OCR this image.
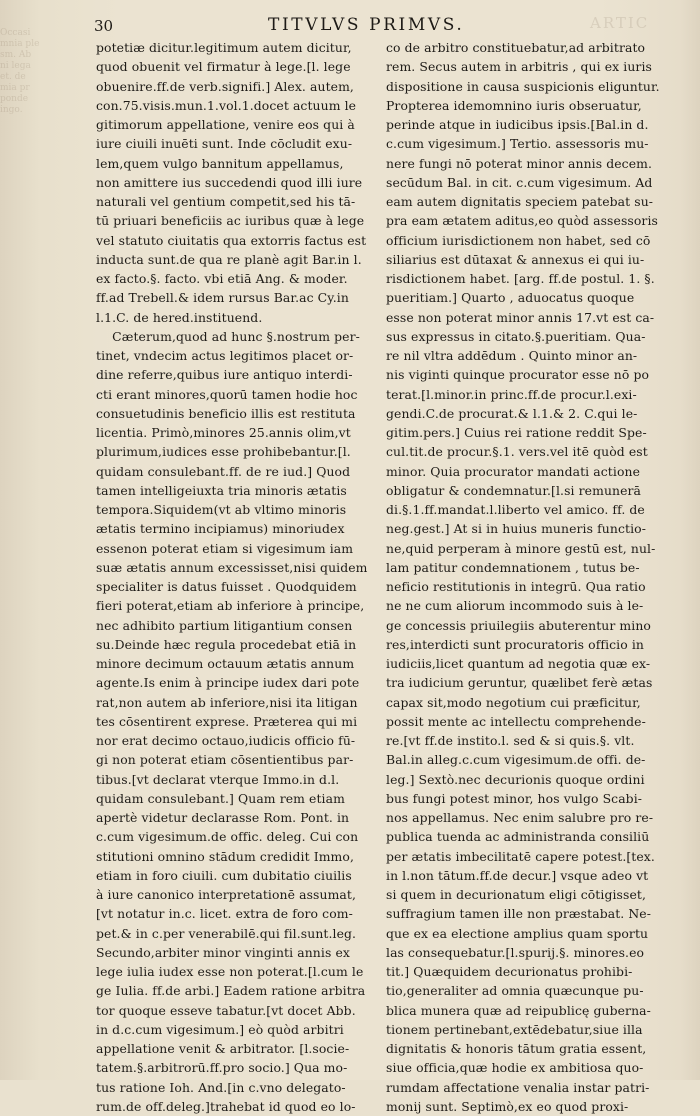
Occasi
mnia ple
sm. Ab
ni lega
et. de
mia pr
ponde
ingo.
ARTIC
30	TITVLVS PRIMVS.
potetiæ dicitur.legitimum autem dicitur,
quod obuenit vel firmatur à lege.[l. lege
obuenire.ff.de verb.signifi.] Alex. autem,
con.75.visis.mun.1.vol.1.docet actuum le
gitimorum appellatione, venire eos qui à
iure ciuili inuēti sunt. Inde cōcludit exu-
lem,quem vulgo bannitum appellamus,
non amittere ius succedendi quod illi iure
naturali vel gentium competit,sed his tā-
tū priuari beneficiis ac iuribus quæ à lege
vel statuto ciuitatis qua extorris factus est
inducta sunt.de qua re planè agit Bar.in l.
ex facto.§. facto. vbi etiā Ang. & moder.
ff.ad Trebell.& idem rursus Bar.ac Cy.in
l.1.C. de hered.instituend.
Cæterum,quod ad hunc §.nostrum per-
tinet, vndecim actus legitimos placet or-
dine referre,quibus iure antiquo interdi-
cti erant minores,quorū tamen hodie hoc
consuetudinis beneficio illis est restituta
licentia. Primò,minores 25.annis olim,vt
plurimum,iudices esse prohibebantur.[l.
quidam consulebant.ff. de re iud.] Quod
tamen intelligeiuxta tria minoris ætatis
tempora.Siquidem(vt ab vltimo minoris
ætatis termino incipiamus) minoriudex
essenon poterat etiam si vigesimum iam
suæ ætatis annum excessisset,nisi quidem
specialiter is datus fuisset . Quodquidem
fieri poterat,etiam ab inferiore à principe,
nec adhibito partium litigantium consen
su.Deinde hæc regula procedebat etiā in
minore decimum octauum ætatis annum
agente.Is enim à principe iudex dari pote
rat,non autem ab inferiore,nisi ita litigan
tes cōsentirent exprese. Præterea qui mi
nor erat decimo octauo,iudicis officio fū-
gi non poterat etiam cōsentientibus par-
tibus.[vt declarat vterque Immo.in d.l.
quidam consulebant.] Quam rem etiam
apertè videtur declarasse Rom. Pont. in
c.cum vigesimum.de offic. deleg. Cui con
stitutioni omnino stādum credidit Immo,
etiam in foro ciuili. cum dubitatio ciuilis
à iure canonico interpretationē assumat,
[vt notatur in.c. licet. extra de foro com-
pet.& in c.per venerabilē.qui fil.sunt.leg.
Secundo,arbiter minor vinginti annis ex
lege iulia iudex esse non poterat.[l.cum le
ge Iulia. ff.de arbi.] Eadem ratione arbitra
tor quoque esseve tabatur.[vt docet Abb.
in d.c.cum vigesimum.] eò quòd arbitri
appellatione venit & arbitrator. [l.socie-
tatem.§.arbitrorū.ff.pro socio.] Qua mo-
tus ratione Ioh. And.[in c.vno delegato-
rum.de off.deleg.]trahebat id quod eo lo-
co de arbitro constituebatur,ad arbitrato
rem. Secus autem in arbitris , qui ex iuris
dispositione in causa suspicionis eliguntur.
Propterea idemomnino iuris obseruatur,
perinde atque in iudicibus ipsis.[Bal.in d.
c.cum vigesimum.] Tertio. assessoris mu-
nere fungi nō poterat minor annis decem.
secūdum Bal. in cit. c.cum vigesimum. Ad
eam autem dignitatis speciem patebat su-
pra eam ætatem aditus,eo quòd assessoris
officium iurisdictionem non habet, sed cō
siliarius est dūtaxat & annexus ei qui iu-
risdictionem habet. [arg. ff.de postul. 1. §.
pueritiam.] Quarto , aduocatus quoque
esse non poterat minor annis 17.vt est ca-
sus expressus in citato.§.pueritiam. Qua-
re nil vltra addēdum . Quinto minor an-
nis viginti quinque procurator esse nō po
terat.[l.minor.in princ.ff.de procur.l.exi-
gendi.C.de procurat.& l.1.& 2. C.qui le-
gitim.pers.] Cuius rei ratione reddit Spe-
cul.tit.de procur.§.1. vers.vel itē quòd est
minor. Quia procurator mandati actione
obligatur & condemnatur.[l.si remunerā
di.§.1.ff.mandat.l.liberto vel amico. ff. de
neg.gest.] At si in huius muneris functio-
ne,quid perperam à minore gestū est, nul-
lam patitur condemnationem , tutus be-
neficio restitutionis in integrū. Qua ratio
ne ne cum aliorum incommodo suis à le-
ge concessis priuilegiis abuterentur mino
res,interdicti sunt procuratoris officio in
iudiciis,licet quantum ad negotia quæ ex-
tra iudicium geruntur, quælibet ferè ætas
capax sit,modo negotium cui præficitur,
possit mente ac intellectu comprehende-
re.[vt ff.de instito.l. sed & si quis.§. vlt.
Bal.in alleg.c.cum vigesimum.de offi. de-
leg.] Sextò.nec decurionis quoque ordini
bus fungi potest minor, hos vulgo Scabi-
nos appellamus. Nec enim salubre pro re-
publica tuenda ac administranda consiliū
per ætatis imbecilitatē capere potest.[tex.
in l.non tātum.ff.de decur.] vsque adeo vt
si quem in decurionatum eligi cōtigisset,
suffragium tamen ille non præstabat. Ne-
que ex ea electione amplius quam sportu
las consequebatur.[l.spurij.§. minores.eo
tit.] Quæquidem decurionatus prohibi-
tio,generaliter ad omnia quæcunque pu-
blica munera quæ ad reipublicę guberna-
tionem pertinebant,extēdebatur,siue illa
dignitatis & honoris tātum gratia essent,
siue officia,quæ hodie ex ambitiosa quo-
rumdam affectatione venalia instar patri-
monij sunt. Septimò,ex eo quod proxi-
